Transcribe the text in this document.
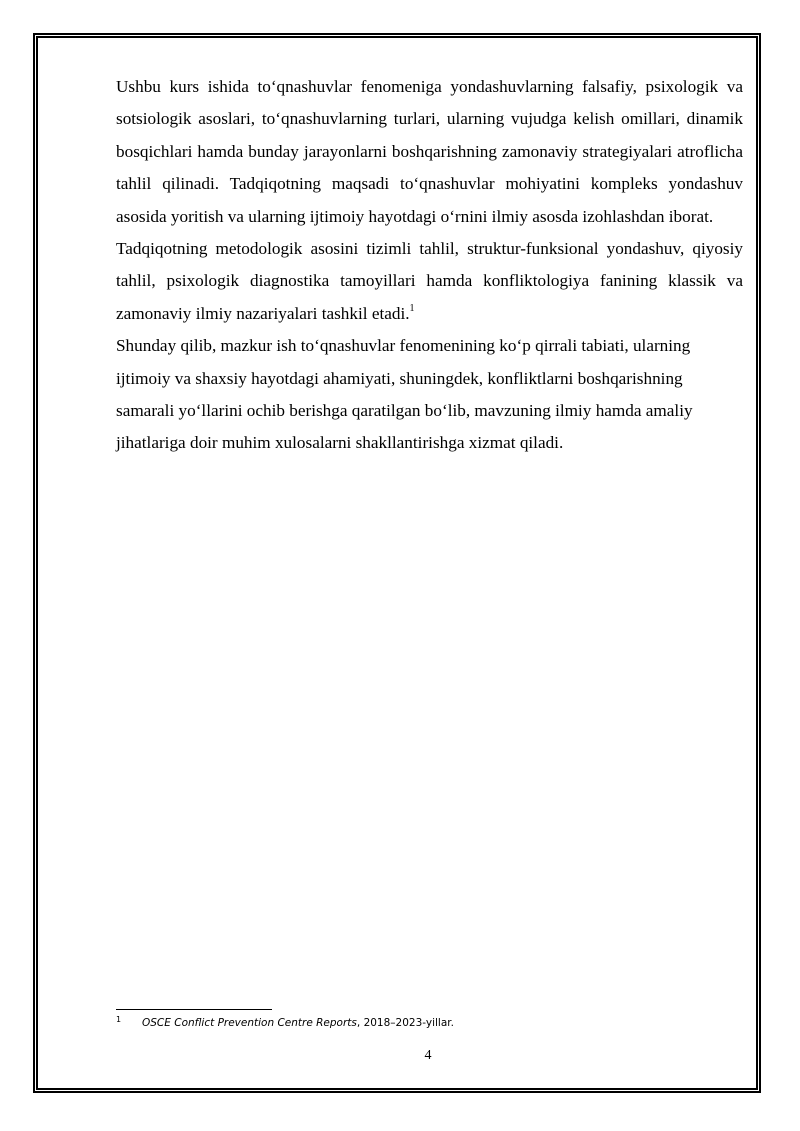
Ushbu kurs ishida to‘qnashuvlar fenomeniga yondashuvlarning falsafiy, psixologik va sotsiologik asoslari, to‘qnashuvlarning turlari, ularning vujudga kelish omillari, dinamik bosqichlari hamda bunday jarayonlarni boshqarishning zamonaviy strategiyalari atroflicha tahlil qilinadi. Tadqiqotning maqsadi to‘qnashuvlar mohiyatini kompleks yondashuv asosida yoritish va ularning ijtimoiy hayotdagi o‘rnini ilmiy asosda izohlashdan iborat.

Tadqiqotning metodologik asosini tizimli tahlil, struktur-funksional yondashuv, qiyosiy tahlil, psixologik diagnostika tamoyillari hamda konfliktologiya fanining klassik va zamonaviy ilmiy nazariyalari tashkil etadi.$^1$

Shunday qilib, mazkur ish to‘qnashuvlar fenomenining ko‘p qirrali tabiati, ularning ijtimoiy va shaxsiy hayotdagi ahamiyati, shuningdek, konfliktlarni boshqarishning samarali yo‘llarini ochib berishga qaratilgan bo‘lib, mavzuning ilmiy hamda amaliy jihatlariga doir muhim xulosalarni shakllantirishga xizmat qiladi.

1 OSCE Conflict Prevention Centre Reports, 2018–2023-yillar.
4
